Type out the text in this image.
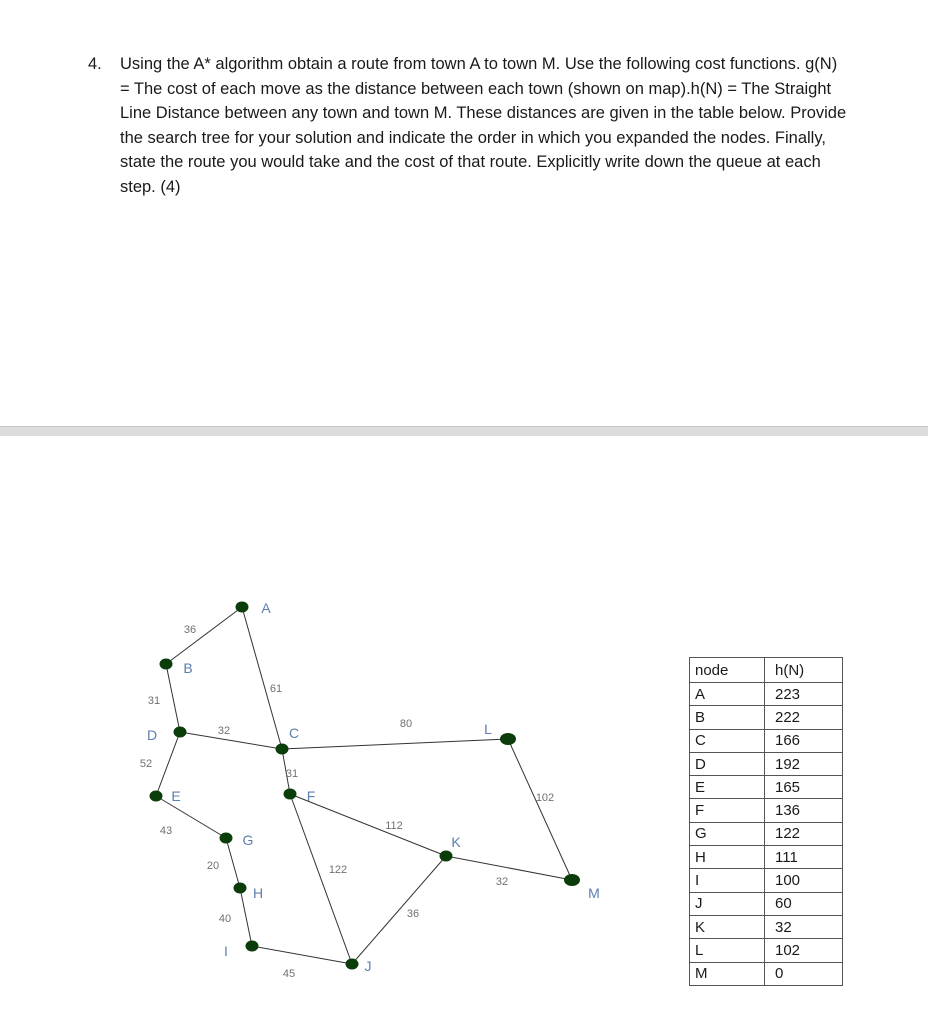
4. Using the A* algorithm obtain a route from town A to town M. Use the following cost functions. g(N) = The cost of each move as the distance between each town (shown on map).h(N) = The Straight Line Distance between any town and town M. These distances are given in the table below. Provide the search tree for your solution and indicate the order in which you expanded the nodes. Finally, state the route you would take and the cost of that route. Explicitly write down the queue at each step. (4)
36
61
31
32
52
80
31
43	112
122
20
40
45
36
32
102
A
B
C
D
E	F
G
H
I
J
K
L
M
node	h(N)
A	223
B	222
C	166
D	192
E	165
F	136
G	122
H	111
I	100
J	60
K	32
L	102
M	0
